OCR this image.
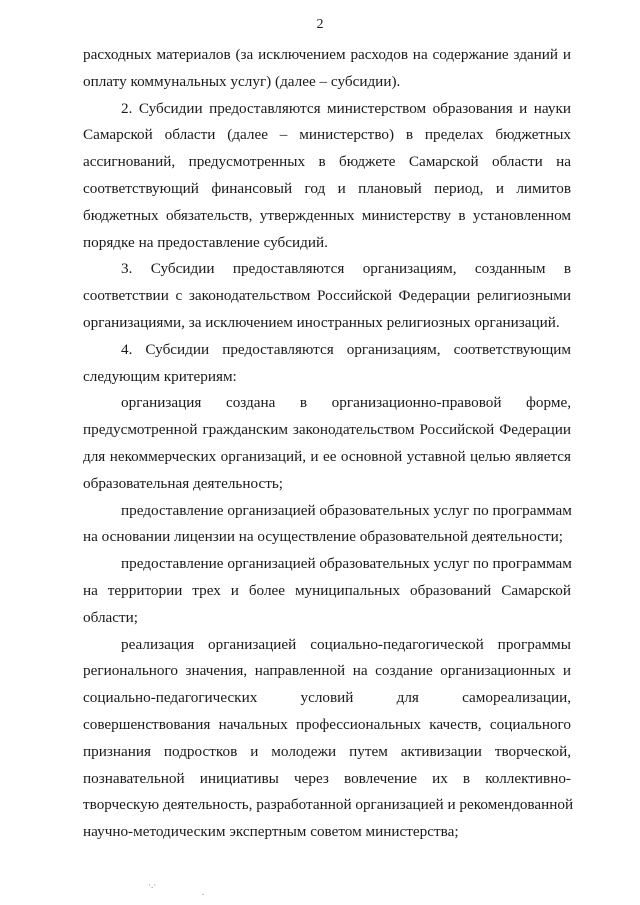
2
расходных материалов (за исключением расходов на содержание зданий и
оплату коммунальных услуг) (далее – субсидии).
2. Субсидии предоставляются министерством образования и науки
Самарской области (далее – министерство) в пределах бюджетных
ассигнований, предусмотренных в бюджете Самарской области на
соответствующий финансовый год и плановый период, и лимитов
бюджетных обязательств, утвержденных министерству в установленном
порядке на предоставление субсидий.
3. Субсидии предоставляются организациям, созданным в
соответствии с законодательством Российской Федерации религиозными
организациями, за исключением иностранных религиозных организаций.
4. Субсидии предоставляются организациям, соответствующим
следующим критериям:
организация создана в организационно-правовой форме,
предусмотренной гражданским законодательством Российской Федерации
для некоммерческих организаций, и ее основной уставной целью является
образовательная деятельность;
предоставление организацией образовательных услуг по программам
на основании лицензии на осуществление образовательной деятельности;
предоставление организацией образовательных услуг по программам
на территории трех и более муниципальных образований Самарской
области;
реализация организацией социально-педагогической программы
регионального значения, направленной на создание организационных и
социально-педагогических условий для самореализации,
совершенствования начальных профессиональных качеств, социального
признания подростков и молодежи путем активизации творческой,
познавательной инициативы через вовлечение их в коллективно-
творческую деятельность, разработанной организацией и рекомендованной
научно-методическим экспертным советом министерства;
·.·
.
